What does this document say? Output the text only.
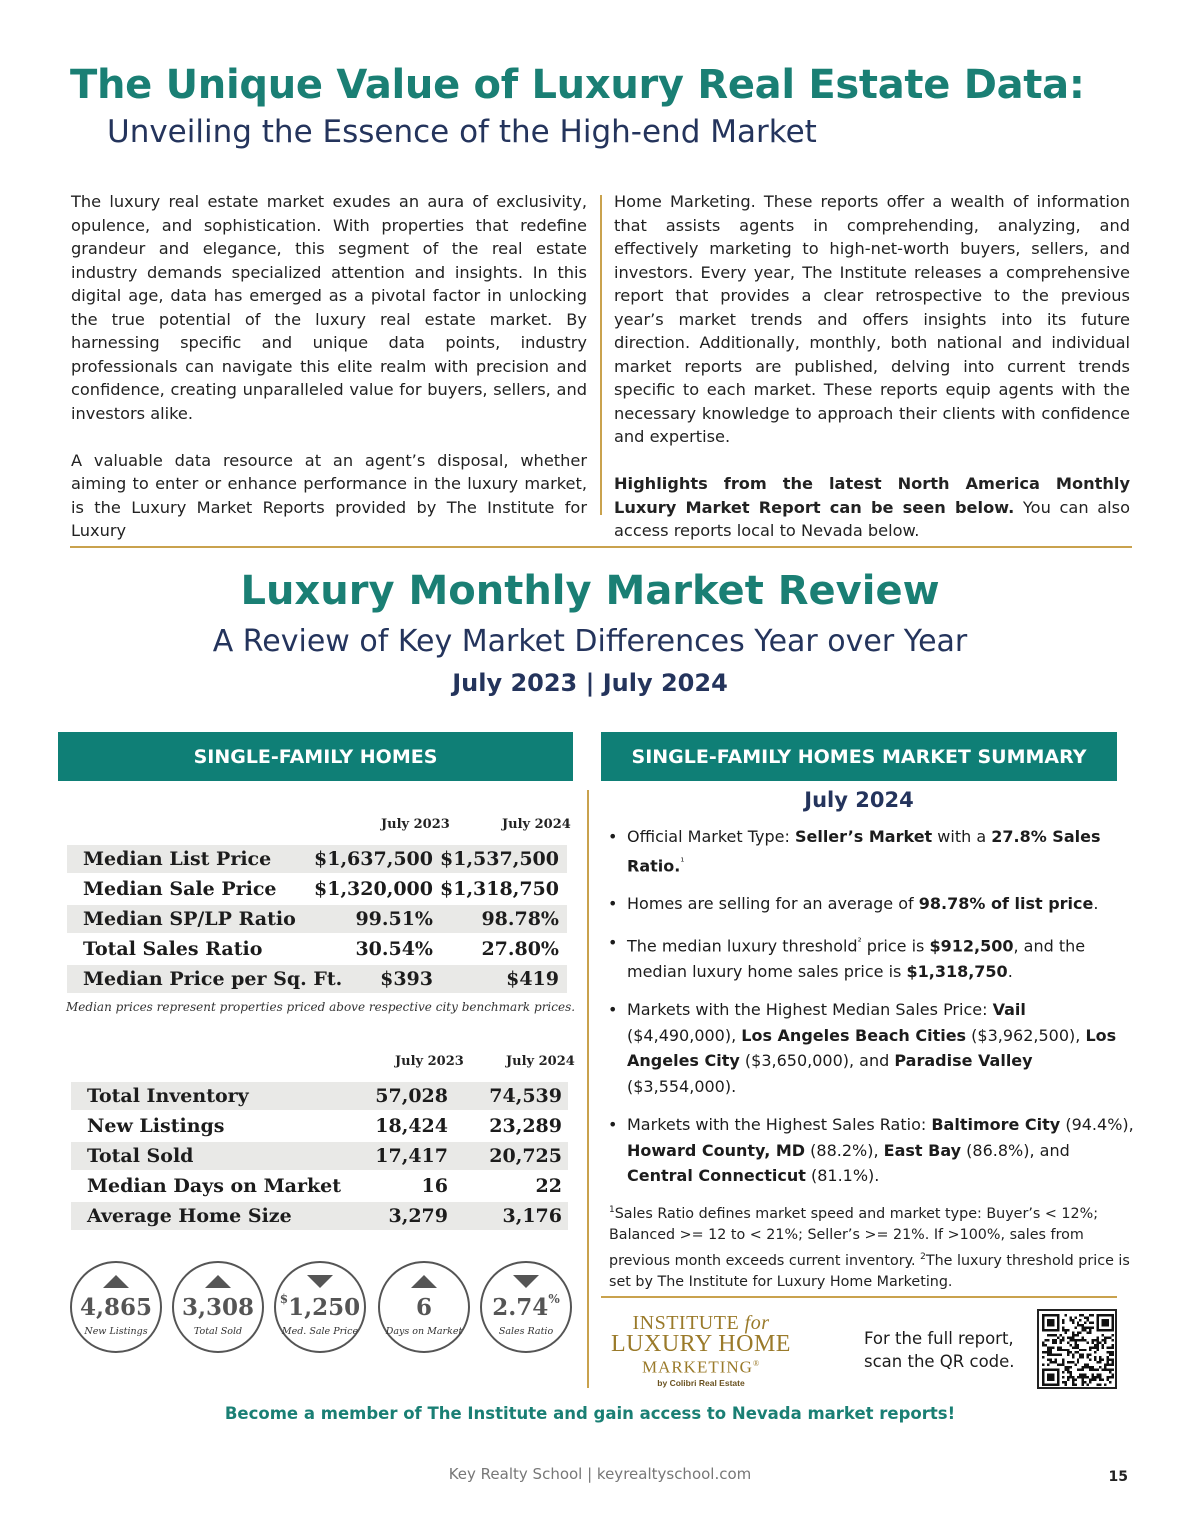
The Unique Value of Luxury Real Estate Data:
Unveiling the Essence of the High-end Market

The luxury real estate market exudes an aura of exclusivity, opulence, and sophistication. With properties that redefine grandeur and elegance, this segment of the real estate industry demands specialized attention and insights. In this digital age, data has emerged as a pivotal factor in unlocking the true potential of the luxury real estate market. By harnessing specific and unique data points, industry professionals can navigate this elite realm with precision and confidence, creating unparalleled value for buyers, sellers, and investors alike.

A valuable data resource at an agent’s disposal, whether aiming to enter or enhance performance in the luxury market, is the Luxury Market Reports provided by The Institute for Luxury

Home Marketing. These reports offer a wealth of information that assists agents in comprehending, analyzing, and effectively marketing to high-net-worth buyers, sellers, and investors. Every year, The Institute releases a comprehensive report that provides a clear retrospective to the previous year’s market trends and offers insights into its future direction. Additionally, monthly, both national and individual market reports are published, delving into current trends specific to each market. These reports equip agents with the necessary knowledge to approach their clients with confidence and expertise.

Highlights from the latest North America Monthly Luxury Market Report can be seen below. You can also access reports local to Nevada below.

Luxury Monthly Market Review
A Review of Key Market Differences Year over Year
July 2023 | July 2024
SINGLE-FAMILY HOMES	SINGLE-FAMILY HOMES MARKET SUMMARY
July 2023	July 2024
Median List Price $1,637,500 $1,537,500
Median Sale Price $1,320,000 $1,318,750
Median SP/LP Ratio	99.51%	98.78%
Total Sales Ratio	30.54%	27.80%
Median Price per Sq. Ft. $393	$419
Median prices represent properties priced above respective city benchmark prices.
July 2023	July 2024
Total Inventory	57,028 74,539
New Listings	18,424 23,289
Total Sold	17,417 20,725
Median Days on Market	16	22
Average Home Size	3,279	3,176
4,865
New Listings
3,308
Total Sold
$1,250
Med. Sale Price
6
Days on Market
2.74%
Sales Ratio
July 2024
• Official Market Type: Seller’s Market with a 27.8% Sales Ratio.$^{^1}$
• Homes are selling for an average of 98.78% of list price.
• The median luxury threshold$^{^2}$ price is $912,500, and the median luxury home sales price is $1,318,750.
• Markets with the Highest Median Sales Price: Vail ($4,490,000), Los Angeles Beach Cities ($3,962,500), Los Angeles City ($3,650,000), and Paradise Valley ($3,554,000).
• Markets with the Highest Sales Ratio: Baltimore City (94.4%), Howard County, MD (88.2%), East Bay (86.8%), and Central Connecticut (81.1%).
$^1$Sales Ratio defines market speed and market type: Buyer’s < 12%; Balanced >= 12 to < 21%; Seller’s >= 21%. If >100%, sales from previous month exceeds current inventory. $^2$The luxury threshold price is set by The Institute for Luxury Home Marketing.
INSTITUTE for
LUXURY HOME
MARKETING®
by Colibri Real Estate
For the full report,
scan the QR code.
Become a member of The Institute and gain access to Nevada market reports!
Key Realty School | keyrealtyschool.com	15
